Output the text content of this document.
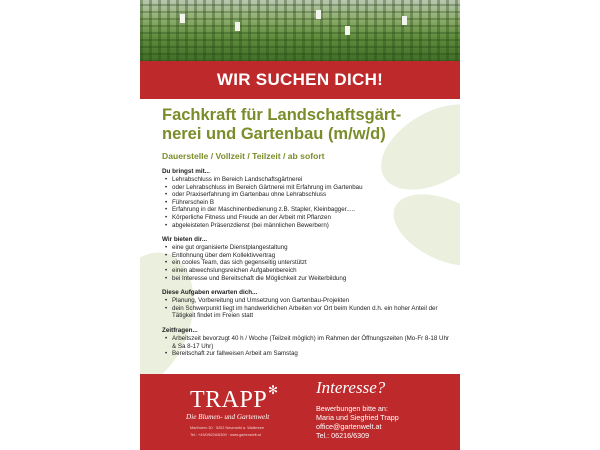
WIR SUCHEN DICH!
Fachkraft für Landschaftsgärt-
nerei und Gartenbau (m/w/d)
Dauerstelle / Vollzeit / Teilzeit / ab sofort
Du bringst mit...
• Lehrabschluss im Bereich Landschaftsgärtnerei
• oder Lehrabschluss im Bereich Gärtnerei mit Erfahrung im Gartenbau
• oder Praxiserfahrung im Gartenbau ohne Lehrabschluss
• Führerschein B
• Erfahrung in der Maschinenbedienung z.B. Stapler, Kleinbagger.....
• Körperliche Fitness und Freude an der Arbeit mit Pflanzen
• abgeleisteten Präsenzdienst (bei männlichen Bewerbern)
Wir bieten dir...
• eine gut organisierte Dienstplangestaltung
• Entlohnung über dem Kollektivvertrag
• ein cooles Team, das sich gegenseitig unterstützt
• einen abwechslungsreichen Aufgabenbereich
• bei Interesse und Bereitschaft die Möglichkeit zur Weiterbildung
Diese Aufgaben erwarten dich...
• Planung, Vorbereitung und Umsetzung von Gartenbau-Projekten
• dein Schwerpunkt liegt im handwerklichen Arbeiten vor Ort beim Kunden d.h. ein hoher Anteil der Tätigkeit findet im Freien statt
Zeitfragen...
• Arbeitszeit bevorzugt 40 h / Woche (Teilzeit möglich) im Rahmen der Öffnungszeiten (Mo-Fr 8-18 Uhr & Sa 8-17 Uhr)
• Bereitschaft zur fallweisen Arbeit am Samstag
TRAPP ✻
Die Blumen- und Gartenwelt
Marthoern 30 · 5202 Neumarkt a. Wallersee
Tel.: +43/0/6216/6309 · www.gartenwelt.at
Interesse?
Bewerbungen bitte an:
Maria und Siegfried Trapp
office@gartenwelt.at
Tel.: 06216/6309
